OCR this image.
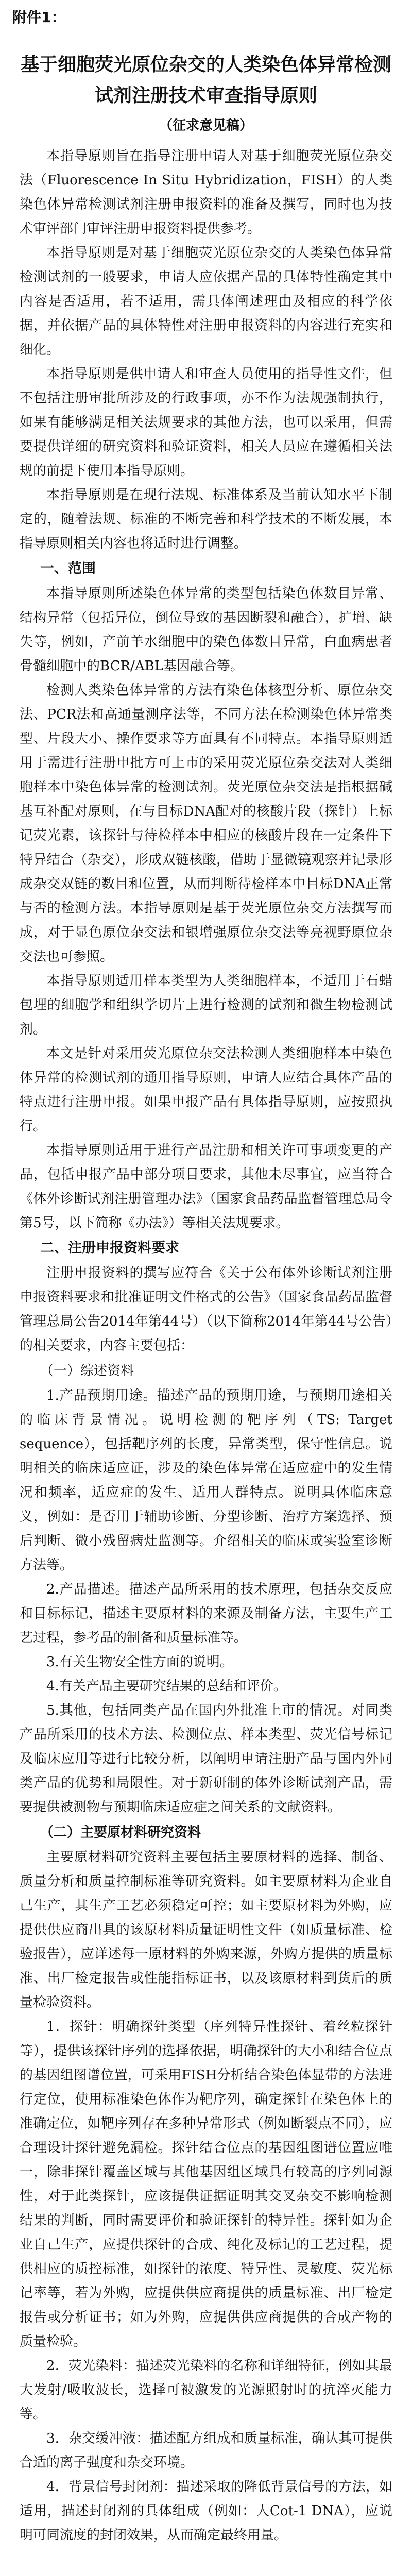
附件1：
基于细胞荧光原位杂交的人类染色体异常检测试剂注册技术审查指导原则
（征求意见稿）

本指导原则旨在指导注册申请人对基于细胞荧光原位杂交法（Fluorescence In Situ Hybridization，FISH）的人类染色体异常检测试剂注册申报资料的准备及撰写，同时也为技术审评部门审评注册申报资料提供参考。

本指导原则是对基于细胞荧光原位杂交的人类染色体异常检测试剂的一般要求，申请人应依据产品的具体特性确定其中内容是否适用，若不适用，需具体阐述理由及相应的科学依据，并依据产品的具体特性对注册申报资料的内容进行充实和细化。

本指导原则是供申请人和审查人员使用的指导性文件，但不包括注册审批所涉及的行政事项，亦不作为法规强制执行，如果有能够满足相关法规要求的其他方法，也可以采用，但需要提供详细的研究资料和验证资料，相关人员应在遵循相关法规的前提下使用本指导原则。

本指导原则是在现行法规、标准体系及当前认知水平下制定的，随着法规、标准的不断完善和科学技术的不断发展，本指导原则相关内容也将适时进行调整。

一、范围

本指导原则所述染色体异常的类型包括染色体数目异常、结构异常（包括异位，倒位导致的基因断裂和融合），扩增、缺失等，例如，产前羊水细胞中的染色体数目异常，白血病患者骨髓细胞中的BCR/ABL基因融合等。

检测人类染色体异常的方法有染色体核型分析、原位杂交法、PCR法和高通量测序法等，不同方法在检测染色体异常类型、片段大小、操作要求等方面具有不同特点。本指导原则适用于需进行注册申批方可上市的采用荧光原位杂交法对人类细胞样本中染色体异常的检测试剂。荧光原位杂交法是指根据碱基互补配对原则，在与目标DNA配对的核酸片段（探针）上标记荧光素，该探针与待检样本中相应的核酸片段在一定条件下特异结合（杂交），形成双链核酸，借助于显微镜观察并记录形成杂交双链的数目和位置，从而判断待检样本中目标DNA正常与否的检测方法。本指导原则是基于荧光原位杂交方法撰写而成，对于显色原位杂交法和银增强原位杂交法等亮视野原位杂交法也可参照。

本指导原则适用样本类型为人类细胞样本，不适用于石蜡包埋的细胞学和组织学切片上进行检测的试剂和微生物检测试剂。

本文是针对采用荧光原位杂交法检测人类细胞样本中染色体异常的检测试剂的通用指导原则，申请人应结合具体产品的特点进行注册申报。如果申报产品有具体指导原则，应按照执行。

本指导原则适用于进行产品注册和相关许可事项变更的产品，包括申报产品中部分项目要求，其他未尽事宜，应当符合《体外诊断试剂注册管理办法》（国家食品药品监督管理总局令第5号，以下简称《办法》）等相关法规要求。

二、注册申报资料要求

注册申报资料的撰写应符合《关于公布体外诊断试剂注册申报资料要求和批准证明文件格式的公告》（国家食品药品监督管理总局公告2014年第44号）（以下简称2014年第44号公告）的相关要求，内容主要包括：

（一）综述资料

1.产品预期用途。描述产品的预期用途，与预期用途相关的临床背景情况。说明检测的靶序列（TS: Target sequence），包括靶序列的长度，异常类型，保守性信息。说明相关的临床适应证，涉及的染色体异常在适应症中的发生情况和频率，适应症的发生、适用人群特点。说明具体临床意义，例如：是否用于辅助诊断、分型诊断、治疗方案选择、预后判断、微小残留病灶监测等。介绍相关的临床或实验室诊断方法等。

2.产品描述。描述产品所采用的技术原理，包括杂交反应和目标标记，描述主要原材料的来源及制备方法，主要生产工艺过程，参考品的制备和质量标准等。

3.有关生物安全性方面的说明。

4.有关产品主要研究结果的总结和评价。

5.其他，包括同类产品在国内外批准上市的情况。对同类产品所采用的技术方法、检测位点、样本类型、荧光信号标记及临床应用等进行比较分析，以阐明申请注册产品与国内外同类产品的优势和局限性。对于新研制的体外诊断试剂产品，需要提供被测物与预期临床适应症之间关系的文献资料。

（二）主要原材料研究资料

主要原材料研究资料主要包括主要原材料的选择、制备、质量分析和质量控制标准等研究资料。如主要原材料为企业自己生产，其生产工艺必须稳定可控；如主要原材料为外购，应提供供应商出具的该原材料质量证明性文件（如质量标准、检验报告），应详述每一原材料的外购来源，外购方提供的质量标准、出厂检定报告或性能指标证书，以及该原材料到货后的质量检验资料。

1．探针：明确探针类型（序列特异性探针、着丝粒探针等），提供该探针序列的选择依据，明确探针的大小和结合位点的基因组图谱位置，可采用FISH分析结合染色体显带的方法进行定位，使用标准染色体作为靶序列，确定探针在染色体上的准确定位，如靶序列存在多种异常形式（例如断裂点不同），应合理设计探针避免漏检。探针结合位点的基因组图谱位置应唯一，除非探针覆盖区域与其他基因组区域具有较高的序列同源性，对于此类探针，应该提供证据证明其交叉杂交不影响检测结果的判断，同时需要评价和验证探针的特异性。探针如为企业自己生产，应提供探针的合成、纯化及标记的工艺过程，提供相应的质控标准，如探针的浓度、特异性、灵敏度、荧光标记率等，若为外购，应提供供应商提供的质量标准、出厂检定报告或分析证书；如为外购，应提供供应商提供的合成产物的质量检验。

2．荧光染料：描述荧光染料的名称和详细特征，例如其最大发射/吸收波长，选择可被激发的光源照射时的抗淬灭能力等。

3．杂交缓冲液：描述配方组成和质量标准，确认其可提供合适的离子强度和杂交环境。

4．背景信号封闭剂：描述采取的降低背景信号的方法，如适用，描述封闭剂的具体组成（例如：人Cot-1 DNA），应说明可同流度的封闭效果，从而确定最终用量。
